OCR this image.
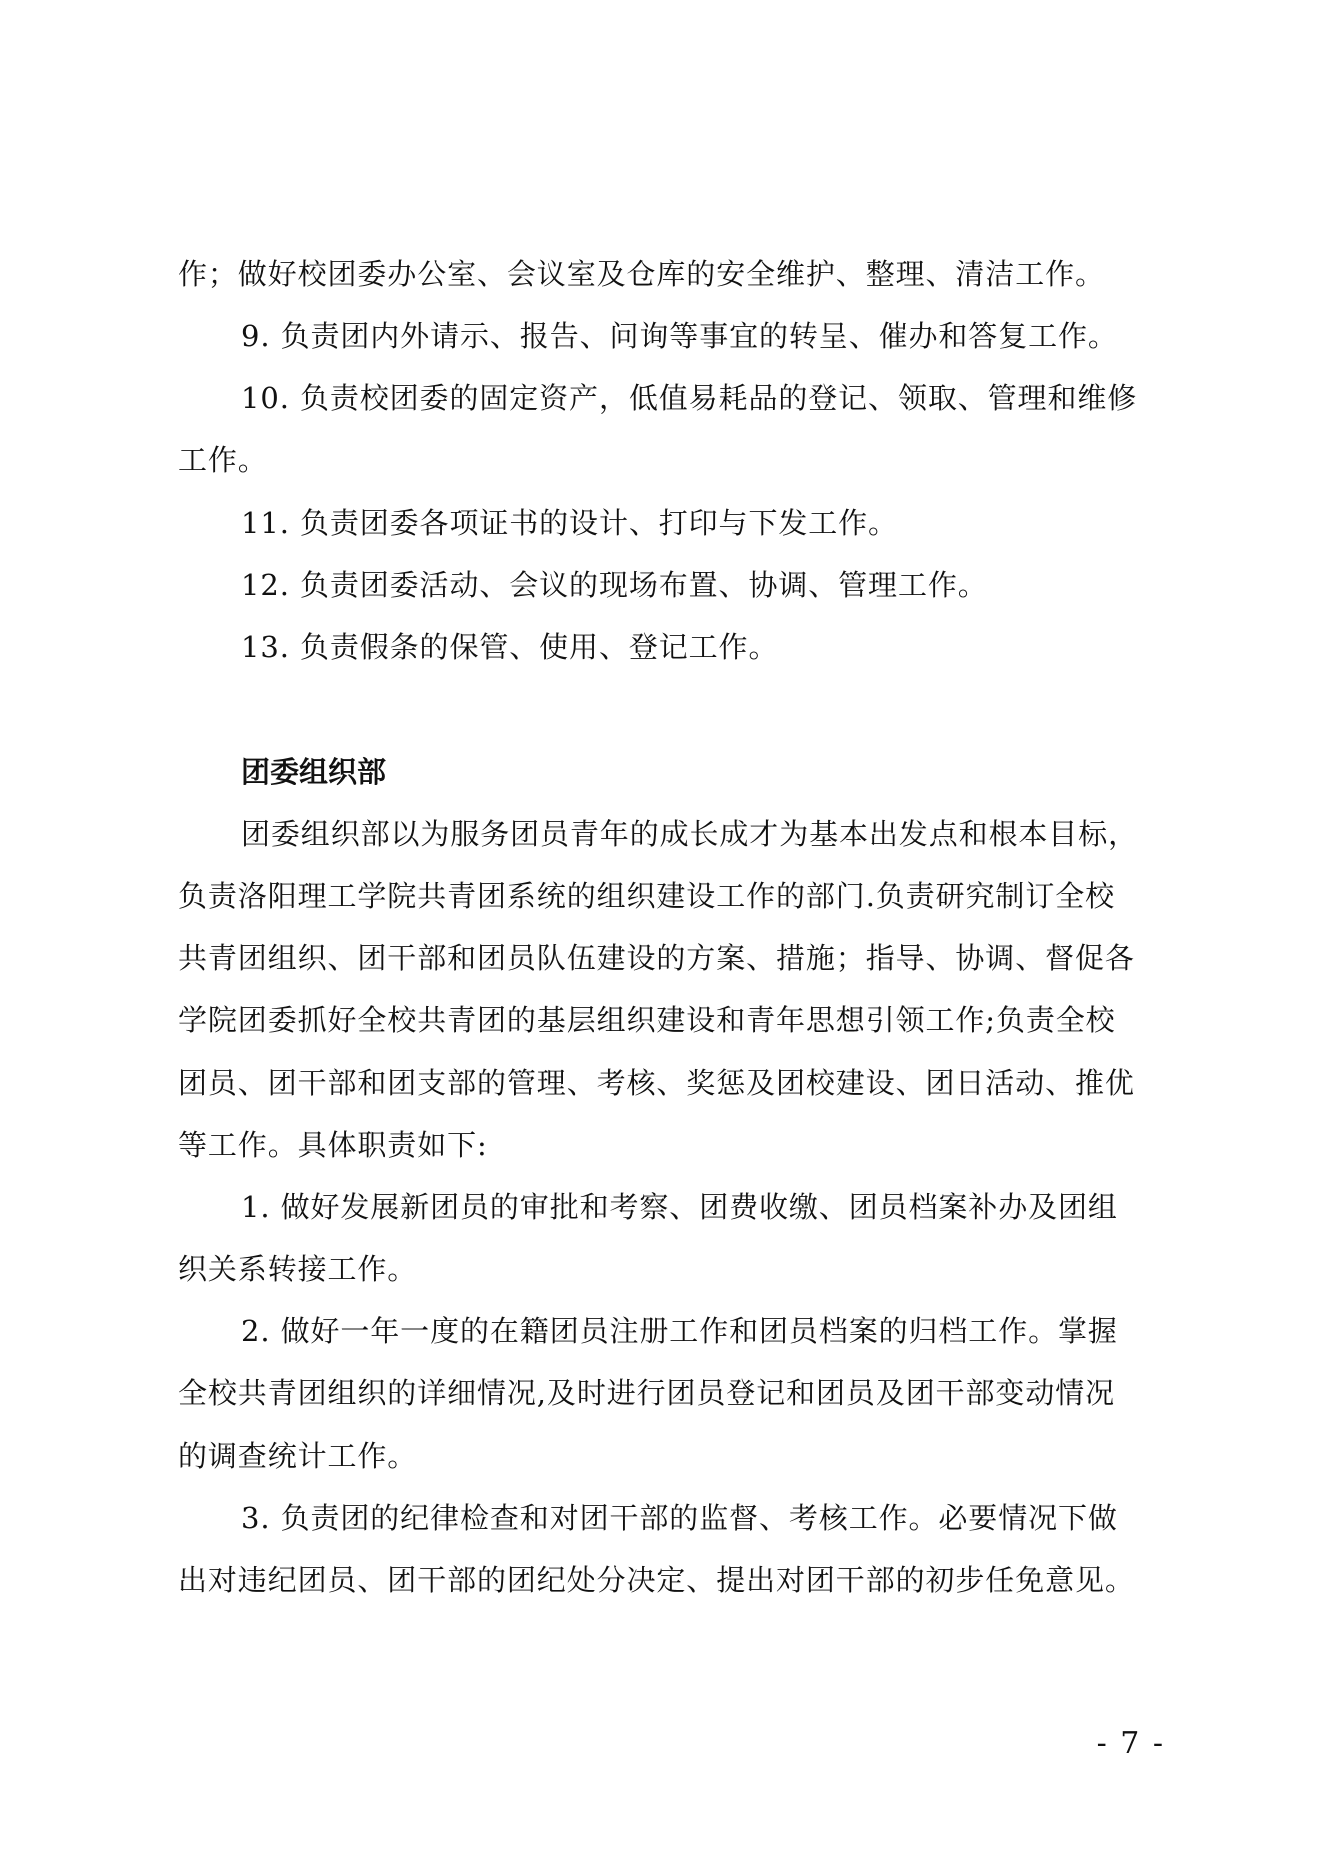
作；做好校团委办公室、会议室及仓库的安全维护、整理、清洁工作。
9. 负责团内外请示、报告、问询等事宜的转呈、催办和答复工作。
10. 负责校团委的固定资产，低值易耗品的登记、领取、管理和维修
工作。
11. 负责团委各项证书的设计、打印与下发工作。
12. 负责团委活动、会议的现场布置、协调、管理工作。
13. 负责假条的保管、使用、登记工作。
团委组织部
团委组织部以为服务团员青年的成长成才为基本出发点和根本目标，
负责洛阳理工学院共青团系统的组织建设工作的部门.负责研究制订全校
共青团组织、团干部和团员队伍建设的方案、措施；指导、协调、督促各
学院团委抓好全校共青团的基层组织建设和青年思想引领工作;负责全校
团员、团干部和团支部的管理、考核、奖惩及团校建设、团日活动、推优
等工作。具体职责如下:
1. 做好发展新团员的审批和考察、团费收缴、团员档案补办及团组
织关系转接工作。
2. 做好一年一度的在籍团员注册工作和团员档案的归档工作。掌握
全校共青团组织的详细情况,及时进行团员登记和团员及团干部变动情况
的调查统计工作。
3. 负责团的纪律检查和对团干部的监督、考核工作。必要情况下做
出对违纪团员、团干部的团纪处分决定、提出对团干部的初步任免意见。
- 7 -
